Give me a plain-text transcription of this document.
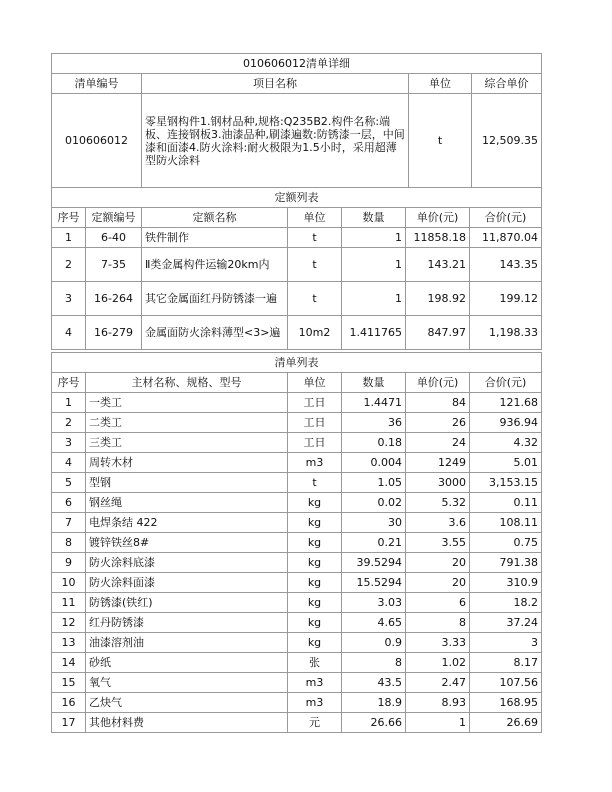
010606012清单详细			
清单编号	项目名称	单位	综合单价
010606012	零星钢构件1.钢材品种,规格:Q235B2.构件名称:端板、连接钢板3.油漆品种,刷漆遍数:防锈漆一层，中间漆和面漆4.防火涂料:耐火极限为1.5小时，采用超薄型防火涂料	t	12,509.35
定额列表						
序号	定额编号	定额名称	单位	数量	单价(元)	合价(元)
1	6-40	铁件制作	t	1	11858.18	11,870.04
2	7-35	Ⅱ类金属构件运输20km内	t	1	143.21	143.35
3	16-264	其它金属面红丹防锈漆一遍	t	1	198.92	199.12
4	16-279	金属面防火涂料薄型<3>遍	10m2	1.411765	847.97	1,198.33
清单列表					
序号	主材名称、规格、型号	单位	数量	单价(元)	合价(元)
1	一类工	工日	1.4471	84	121.68
2	二类工	工日	36	26	936.94
3	三类工	工日	0.18	24	4.32
4	周转木材	m3	0.004	1249	5.01
5	型钢	t	1.05	3000	3,153.15
6	钢丝绳	kg	0.02	5.32	0.11
7	电焊条结 422	kg	30	3.6	108.11
8	镀锌铁丝8#	kg	0.21	3.55	0.75
9	防火涂料底漆	kg	39.5294	20	791.38
10	防火涂料面漆	kg	15.5294	20	310.9
11	防锈漆(铁红)	kg	3.03	6	18.2
12	红丹防锈漆	kg	4.65	8	37.24
13	油漆溶剂油	kg	0.9	3.33	3
14	砂纸	张	8	1.02	8.17
15	氧气	m3	43.5	2.47	107.56
16	乙炔气	m3	18.9	8.93	168.95
17	其他材料费	元	26.66	1	26.69
